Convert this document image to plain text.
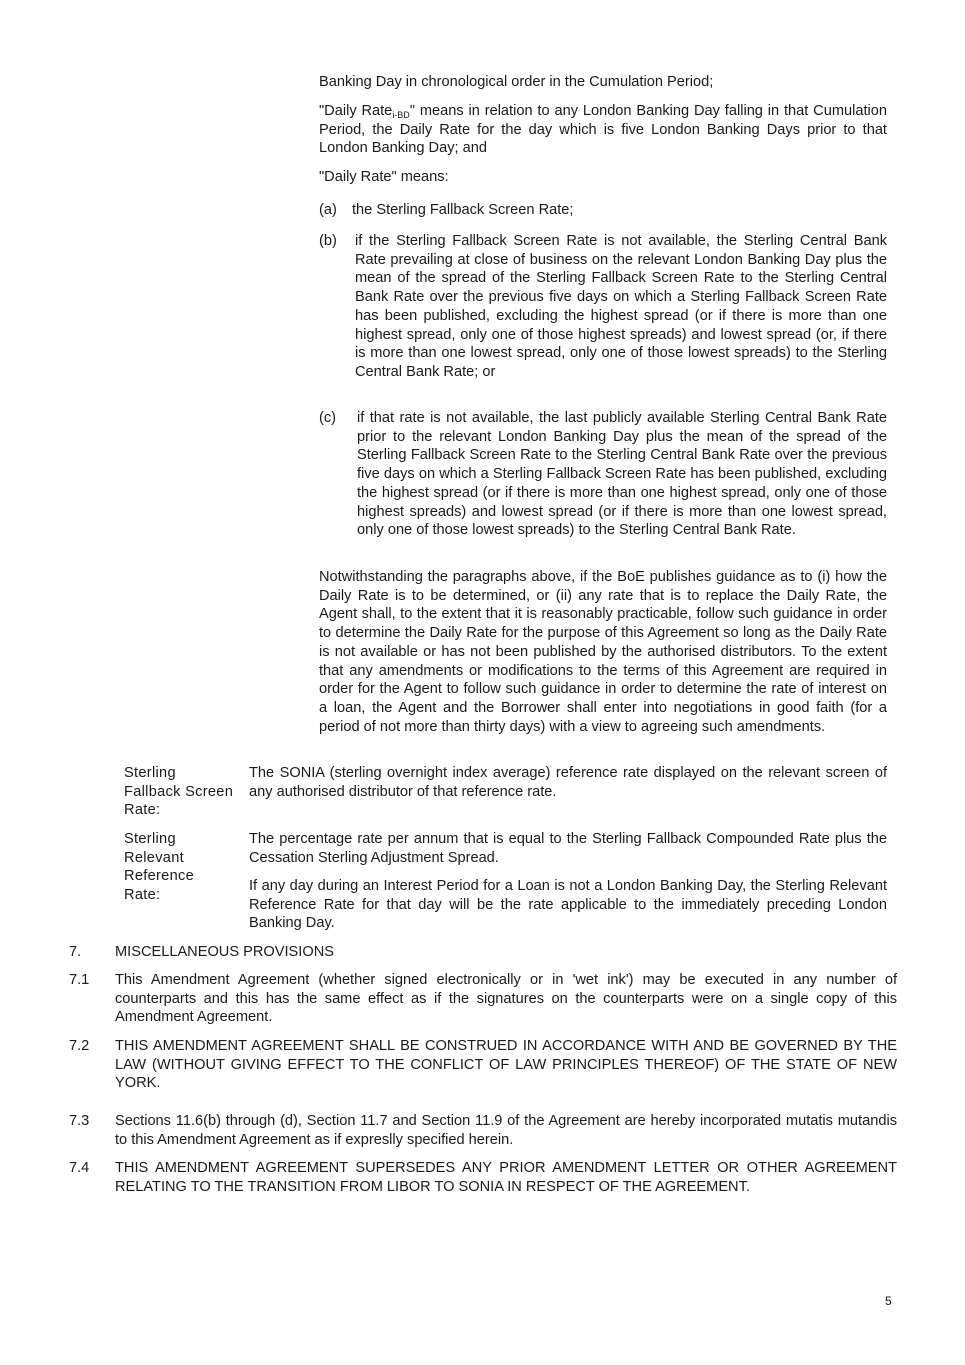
Banking Day in chronological order in the Cumulation Period;

"Daily Rate$_{i-BD}$" means in relation to any London Banking Day falling in that Cumulation Period, the Daily Rate for the day which is five London Banking Days prior to that London Banking Day; and

"Daily Rate" means:

(a) the Sterling Fallback Screen Rate;
(b) if the Sterling Fallback Screen Rate is not available, the Sterling Central Bank Rate prevailing at close of business on the relevant London Banking Day plus the mean of the spread of the Sterling Fallback Screen Rate to the Sterling Central Bank Rate over the previous five days on which a Sterling Fallback Screen Rate has been published, excluding the highest spread (or if there is more than one highest spread, only one of those highest spreads) and lowest spread (or, if there is more than one lowest spread, only one of those lowest spreads) to the Sterling Central Bank Rate; or
(c) if that rate is not available, the last publicly available Sterling Central Bank Rate prior to the relevant London Banking Day plus the mean of the spread of the Sterling Fallback Screen Rate to the Sterling Central Bank Rate over the previous five days on which a Sterling Fallback Screen Rate has been published, excluding the highest spread (or if there is more than one highest spread, only one of those highest spreads) and lowest spread (or if there is more than one lowest spread, only one of those lowest spreads) to the Sterling Central Bank Rate.

Notwithstanding the paragraphs above, if the BoE publishes guidance as to (i) how the Daily Rate is to be determined, or (ii) any rate that is to replace the Daily Rate, the Agent shall, to the extent that it is reasonably practicable, follow such guidance in order to determine the Daily Rate for the purpose of this Agreement so long as the Daily Rate is not available or has not been published by the authorised distributors. To the extent that any amendments or modifications to the terms of this Agreement are required in order for the Agent to follow such guidance in order to determine the rate of interest on a loan, the Agent and the Borrower shall enter into negotiations in good faith (for a period of not more than thirty days) with a view to agreeing such amendments.

Sterling Fallback Screen Rate:

The SONIA (sterling overnight index average) reference rate displayed on the relevant screen of any authorised distributor of that reference rate.

Sterling Relevant Reference Rate:

The percentage rate per annum that is equal to the Sterling Fallback Compounded Rate plus the Cessation Sterling Adjustment Spread.

If any day during an Interest Period for a Loan is not a London Banking Day, the Sterling Relevant Reference Rate for that day will be the rate applicable to the immediately preceding London Banking Day.

7. MISCELLANEOUS PROVISIONS
7.1 This Amendment Agreement (whether signed electronically or in 'wet ink') may be executed in any number of counterparts and this has the same effect as if the signatures on the counterparts were on a single copy of this Amendment Agreement.

7.2 THIS AMENDMENT AGREEMENT SHALL BE CONSTRUED IN ACCORDANCE WITH AND BE GOVERNED BY THE LAW (WITHOUT GIVING EFFECT TO THE CONFLICT OF LAW PRINCIPLES THEREOF) OF THE STATE OF NEW YORK.

7.3 Sections 11.6(b) through (d), Section 11.7 and Section 11.9 of the Agreement are hereby incorporated mutatis mutandis to this Amendment Agreement as if expreslly specified herein.

7.4 THIS AMENDMENT AGREEMENT SUPERSEDES ANY PRIOR AMENDMENT LETTER OR OTHER AGREEMENT RELATING TO THE TRANSITION FROM LIBOR TO SONIA IN RESPECT OF THE AGREEMENT.

5
